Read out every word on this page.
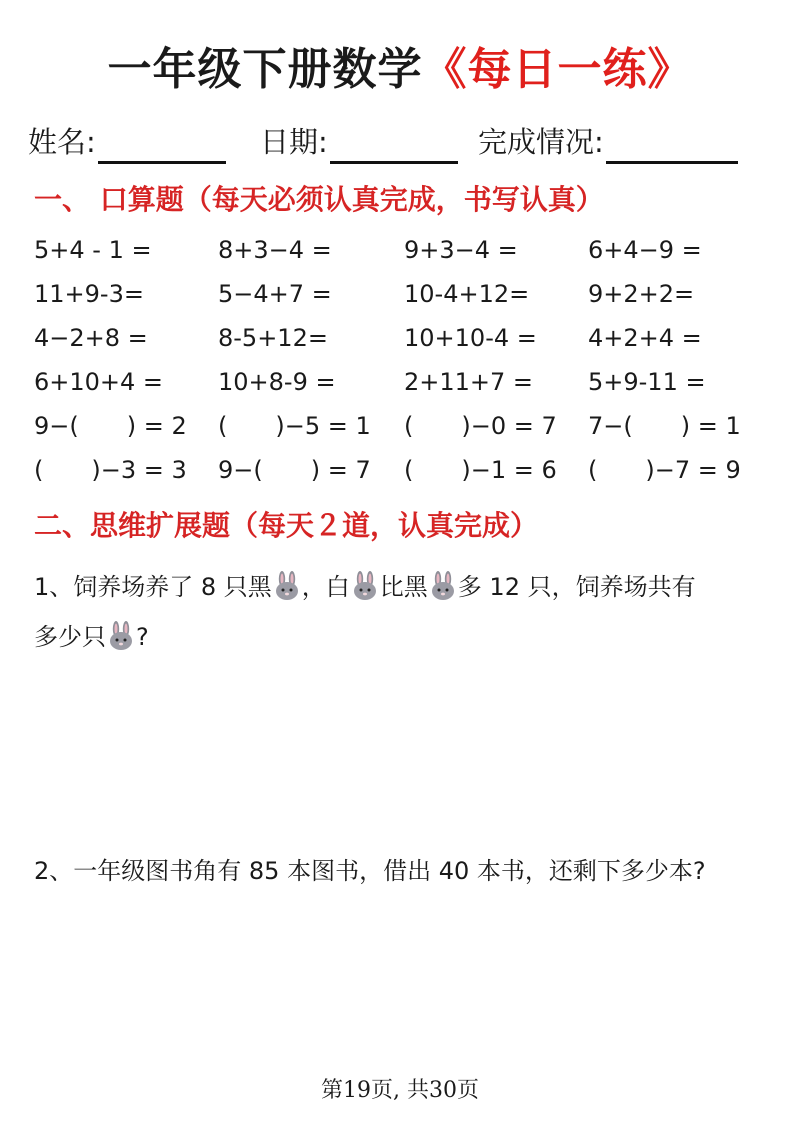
一年级下册数学《每日一练》
姓名:	日期:	完成情况:
一、 口算题（每天必须认真完成，书写认真）
5+4 - 1 =	8+3−4 =	9+3−4 =	6+4−9 =
11+9-3=	5−4+7 =	10-4+12= 9+2+2=
4−2+8 =	8-5+12=	10+10-4 = 4+2+4 =
6+10+4 = 10+8-9 =	2+11+7 = 5+9-11 =
9−(　　) = 2 (　　)−5 = 1 (　　)−0 = 7 7−(　　) = 1
(　　)−3 = 3 9−(　　) = 7 (　　)−1 = 6 (　　)−7 = 9
二、思维扩展题（每天２道，认真完成）
1、饲养场养了 8 只黑 ，白 比黑 多 12 只，饲养场共有
多少只 ?
2、一年级图书角有 85 本图书，借出 40 本书，还剩下多少本?
第19页, 共30页
